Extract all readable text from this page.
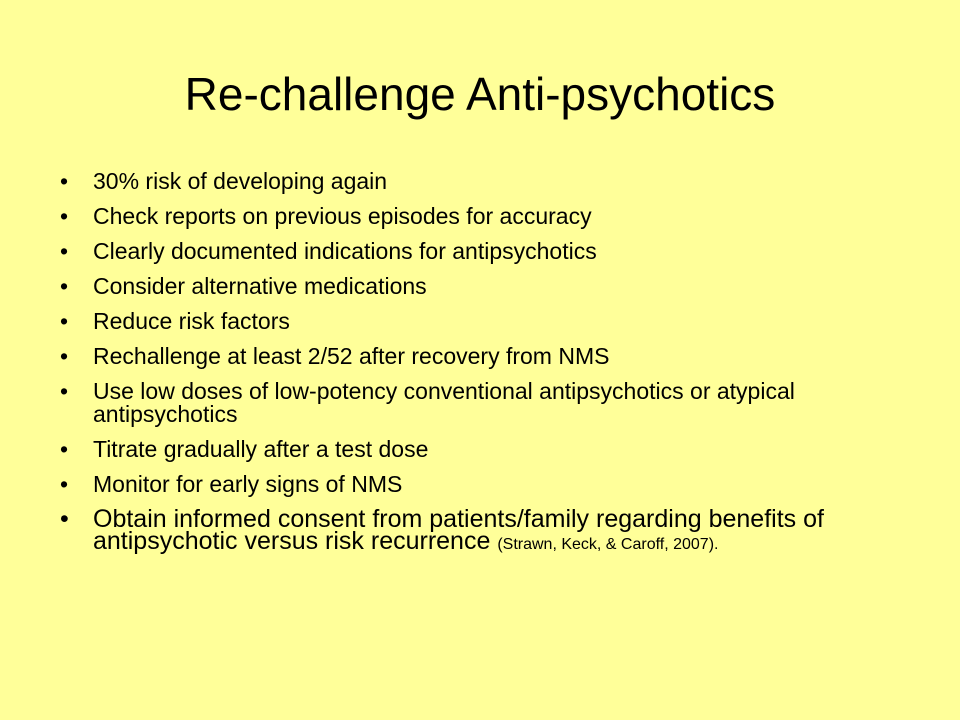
Re-challenge Anti-psychotics
•	30% risk of developing again
•	Check reports on previous episodes for accuracy
•	Clearly documented indications for antipsychotics
•	Consider alternative medications
•	Reduce risk factors
•	Rechallenge at least 2/52 after recovery from NMS
•	Use low doses of low-potency conventional antipsychotics or atypical antipsychotics
•	Titrate gradually after a test dose
•	Monitor for early signs of NMS
• Obtain informed consent from patients/family regarding benefits of antipsychotic versus risk recurrence (Strawn, Keck, & Caroff, 2007).
